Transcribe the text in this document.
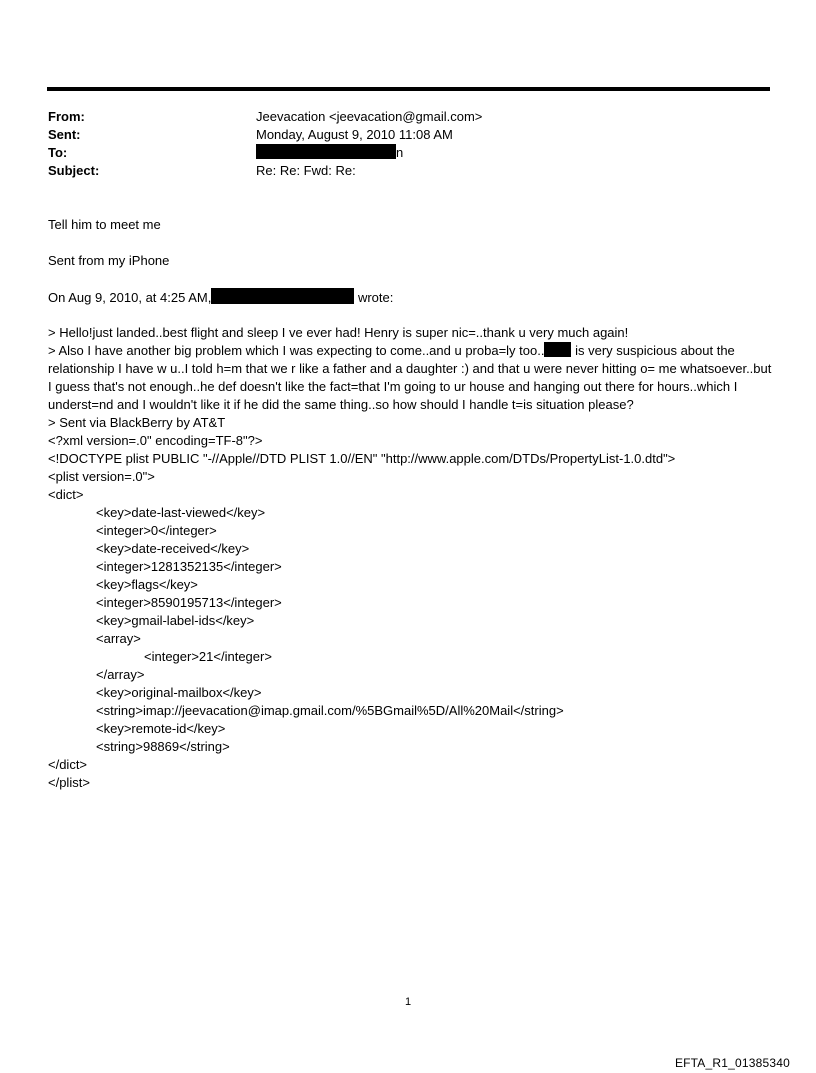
From:	Jeevacation <jeevacation@gmail.com>
Sent:	Monday, August 9, 2010 11:08 AM
To:	n
Subject:	Re: Re: Fwd: Re:
Tell him to meet me
Sent from my iPhone
On Aug 9, 2010, at 4:25 AM,	wrote:
> Hello!just landed..best flight and sleep I ve ever had! Henry is super nic=..thank u very much again!
> Also I have another big problem which I was expecting to come..and u proba=ly too.. is very suspicious about the relationship I have w u..I told h=m that we r like a father and a daughter :) and that u were never hitting o= me whatsoever..but I guess that's not enough..he def doesn't like the fact=that I'm going to ur house and hanging out there for hours..which I underst=nd and I wouldn't like it if he did the same thing..so how should I handle t=is situation please?
> Sent via BlackBerry by AT&T
<?xml version=.0" encoding=TF-8"?>
<!DOCTYPE plist PUBLIC "-//Apple//DTD PLIST 1.0//EN" "http://www.apple.com/DTDs/PropertyList-1.0.dtd">
<plist version=.0">
<dict>
<key>date-last-viewed</key>
<integer>0</integer>
<key>date-received</key>
<integer>1281352135</integer>
<key>flags</key>
<integer>8590195713</integer>
<key>gmail-label-ids</key>
<array>
<integer>21</integer>
</array>
<key>original-mailbox</key>
<string>imap://jeevacation@imap.gmail.com/%5BGmail%5D/All%20Mail</string>
<key>remote-id</key>
<string>98869</string>
</dict>
</plist>
1
EFTA_R1_01385340
